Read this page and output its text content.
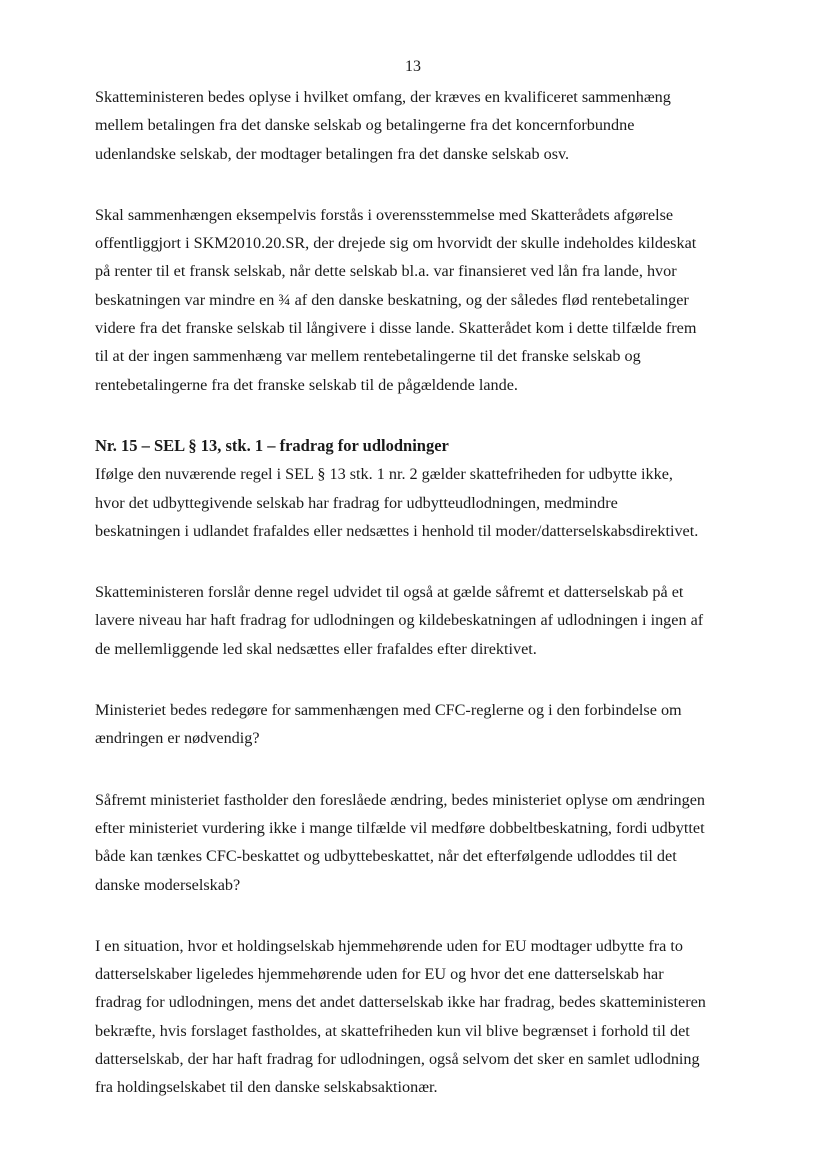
13

Skatteministeren bedes oplyse i hvilket omfang, der kræves en kvalificeret sammenhæng
mellem betalingen fra det danske selskab og betalingerne fra det koncernforbundne
udenlandske selskab, der modtager betalingen fra det danske selskab osv.

Skal sammenhængen eksempelvis forstås i overensstemmelse med Skatterådets afgørelse
offentliggjort i SKM2010.20.SR, der drejede sig om hvorvidt der skulle indeholdes kildeskat
på renter til et fransk selskab, når dette selskab bl.a. var finansieret ved lån fra lande, hvor
beskatningen var mindre en ¾ af den danske beskatning, og der således flød rentebetalinger
videre fra det franske selskab til långivere i disse lande. Skatterådet kom i dette tilfælde frem
til at der ingen sammenhæng var mellem rentebetalingerne til det franske selskab og
rentebetalingerne fra det franske selskab til de pågældende lande.

Nr. 15 – SEL § 13, stk. 1 – fradrag for udlodninger

Ifølge den nuværende regel i SEL § 13 stk. 1 nr. 2 gælder skattefriheden for udbytte ikke,
hvor det udbyttegivende selskab har fradrag for udbytteudlodningen, medmindre
beskatningen i udlandet frafaldes eller nedsættes i henhold til moder/datterselskabsdirektivet.

Skatteministeren forslår denne regel udvidet til også at gælde såfremt et datterselskab på et
lavere niveau har haft fradrag for udlodningen og kildebeskatningen af udlodningen i ingen af
de mellemliggende led skal nedsættes eller frafaldes efter direktivet.

Ministeriet bedes redegøre for sammenhængen med CFC-reglerne og i den forbindelse om
ændringen er nødvendig?

Såfremt ministeriet fastholder den foreslåede ændring, bedes ministeriet oplyse om ændringen
efter ministeriet vurdering ikke i mange tilfælde vil medføre dobbeltbeskatning, fordi udbyttet
både kan tænkes CFC-beskattet og udbyttebeskattet, når det efterfølgende udloddes til det
danske moderselskab?

I en situation, hvor et holdingselskab hjemmehørende uden for EU modtager udbytte fra to
datterselskaber ligeledes hjemmehørende uden for EU og hvor det ene datterselskab har
fradrag for udlodningen, mens det andet datterselskab ikke har fradrag, bedes skatteministeren
bekræfte, hvis forslaget fastholdes, at skattefriheden kun vil blive begrænset i forhold til det
datterselskab, der har haft fradrag for udlodningen, også selvom det sker en samlet udlodning
fra holdingselskabet til den danske selskabsaktionær.
